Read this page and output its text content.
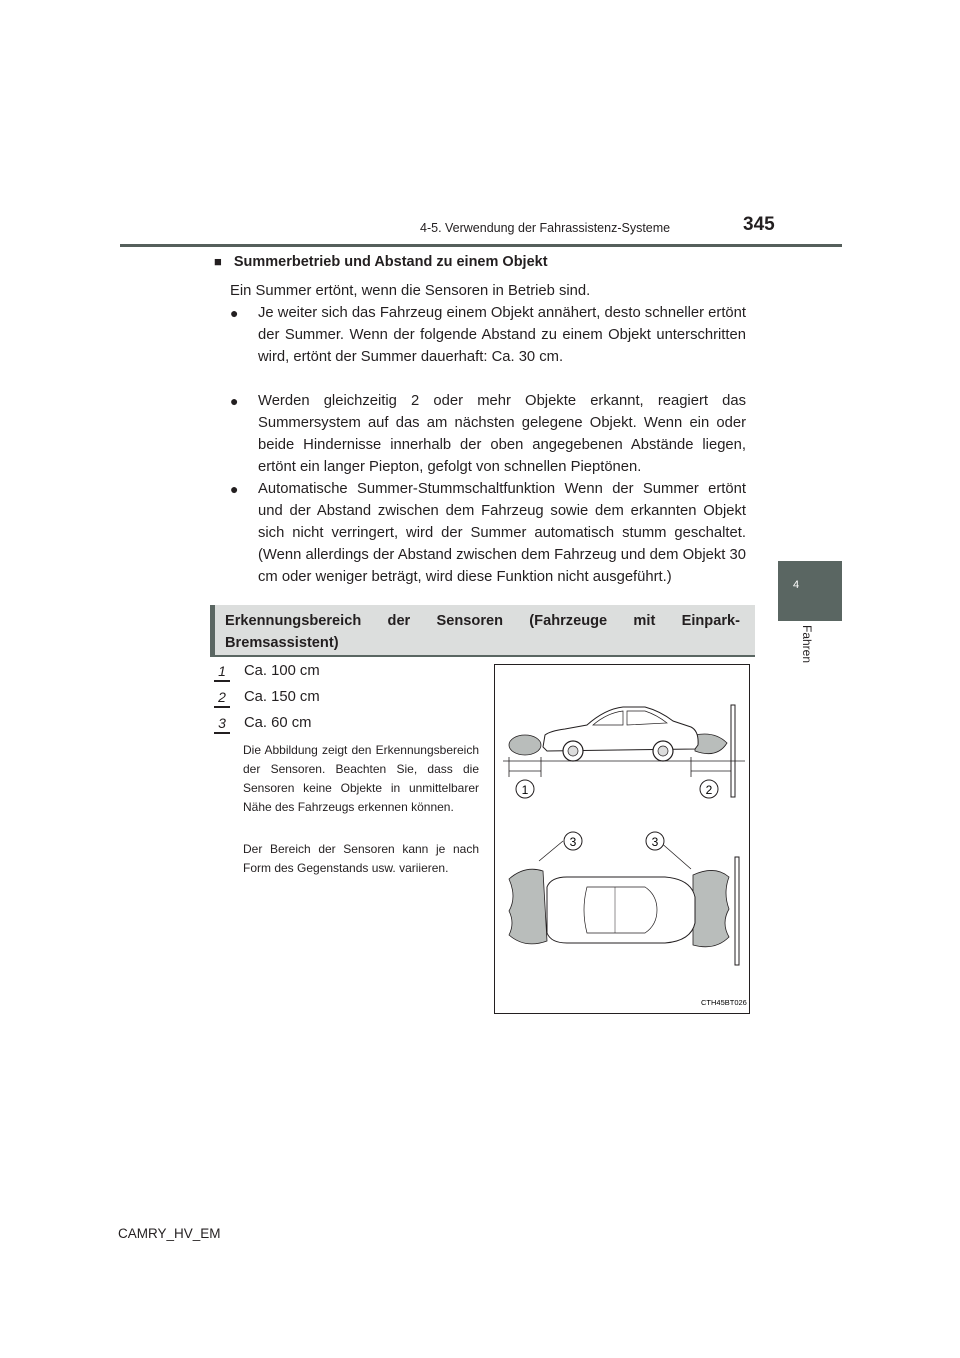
4-5. Verwendung der Fahrassistenz-Systeme	345
4
Fahren
■ Summerbetrieb und Abstand zu einem Objekt
Ein Summer ertönt, wenn die Sensoren in Betrieb sind.
● Je weiter sich das Fahrzeug einem Objekt annähert, desto schneller ertönt der Summer. Wenn der folgende Abstand zu einem Objekt unterschritten wird, ertönt der Summer dauerhaft: Ca. 30 cm.
● Werden gleichzeitig 2 oder mehr Objekte erkannt, reagiert das Summersystem auf das am nächsten gelegene Objekt. Wenn ein oder beide Hindernisse innerhalb der oben angegebenen Abstände liegen, ertönt ein langer Piepton, gefolgt von schnellen Pieptönen.
● Automatische Summer-Stummschaltfunktion Wenn der Summer ertönt und der Abstand zwischen dem Fahrzeug sowie dem erkannten Objekt sich nicht verringert, wird der Summer automatisch stumm geschaltet. (Wenn allerdings der Abstand zwischen dem Fahrzeug und dem Objekt 30 cm oder weniger beträgt, wird diese Funktion nicht ausgeführt.)
Erkennungsbereich der Sensoren (Fahrzeuge mit Einpark-Bremsassistent)
1 Ca. 100 cm
2 Ca. 150 cm
3 Ca. 60 cm
Die Abbildung zeigt den Erkennungsbereich der Sensoren. Beachten Sie, dass die Sensoren keine Objekte in unmittelbarer Nähe des Fahrzeugs erkennen können.
Der Bereich der Sensoren kann je nach Form des Gegenstands usw. variieren.
1	2
3	3
CTH45BT026
CAMRY_HV_EM
